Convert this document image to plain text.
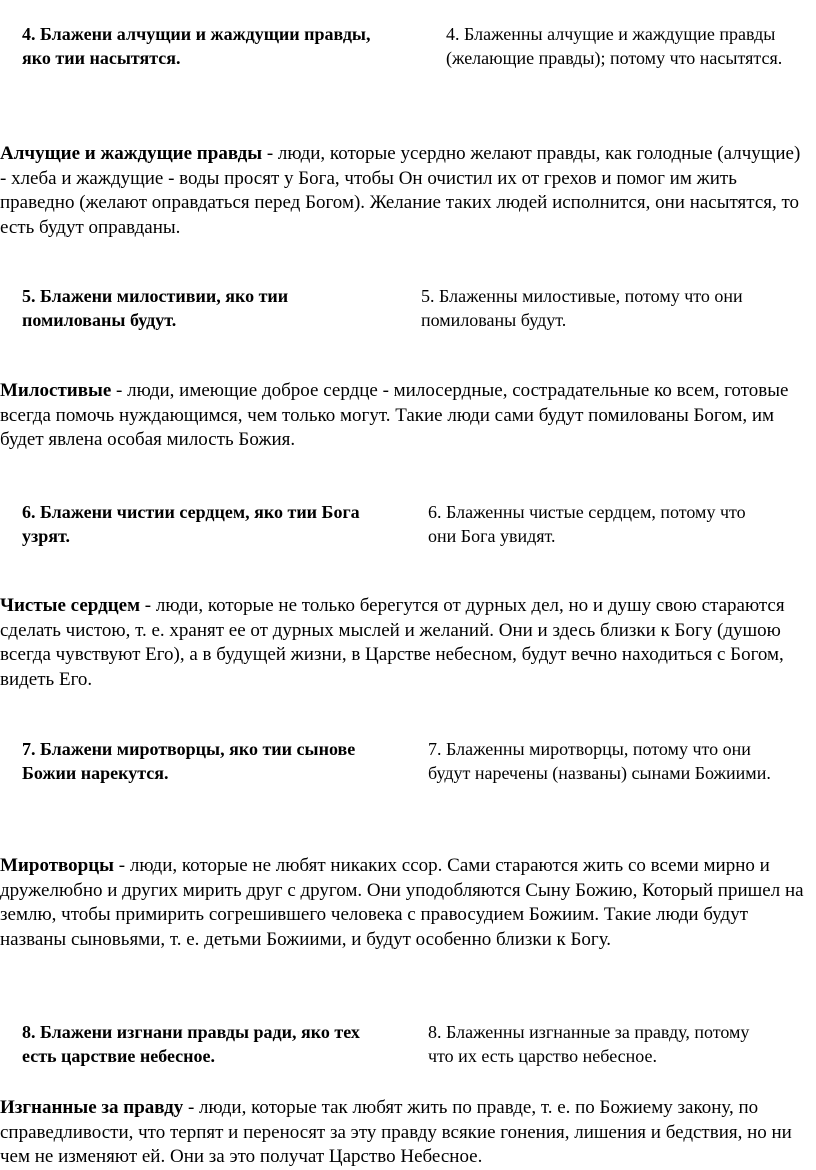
4. Блажени алчущии и жаждущии правды, яко тии насытятся.
4. Блаженны алчущие и жаждущие правды (желающие правды); потому что насытятся.
Алчущие и жаждущие правды - люди, которые усердно желают правды, как голодные (алчущие) - хлеба и жаждущие - воды просят у Бога, чтобы Он очистил их от грехов и помог им жить праведно (желают оправдаться перед Богом). Желание таких людей исполнится, они насытятся, то есть будут оправданы.
5. Блажени милостивии, яко тии помилованы будут.
5. Блаженны милостивые, потому что они помилованы будут.
Милостивые - люди, имеющие доброе сердце - милосердные, сострадательные ко всем, готовые всегда помочь нуждающимся, чем только могут. Такие люди сами будут помилованы Богом, им будет явлена особая милость Божия.
6. Блажени чистии сердцем, яко тии Бога узрят.
6. Блаженны чистые сердцем, потому что они Бога увидят.
Чистые сердцем - люди, которые не только берегутся от дурных дел, но и душу свою стараются сделать чистою, т. е. хранят ее от дурных мыслей и желаний. Они и здесь близки к Богу (душою всегда чувствуют Его), а в будущей жизни, в Царстве небесном, будут вечно находиться с Богом, видеть Его.
7. Блажени миротворцы, яко тии сынове Божии нарекутся.
7. Блаженны миротворцы, потому что они будут наречены (названы) сынами Божиими.
Миротворцы - люди, которые не любят никаких ссор. Сами стараются жить со всеми мирно и дружелюбно и других мирить друг с другом. Они уподобляются Сыну Божию, Который пришел на землю, чтобы примирить согрешившего человека с правосудием Божиим. Такие люди будут названы сыновьями, т. е. детьми Божиими, и будут особенно близки к Богу.
8. Блажени изгнани правды ради, яко тех есть царствие небесное.
8. Блаженны изгнанные за правду, потому что их есть царство небесное.
Изгнанные за правду - люди, которые так любят жить по правде, т. е. по Божиему закону, по справедливости, что терпят и переносят за эту правду всякие гонения, лишения и бедствия, но ни чем не изменяют ей. Они за это получат Царство Небесное.
